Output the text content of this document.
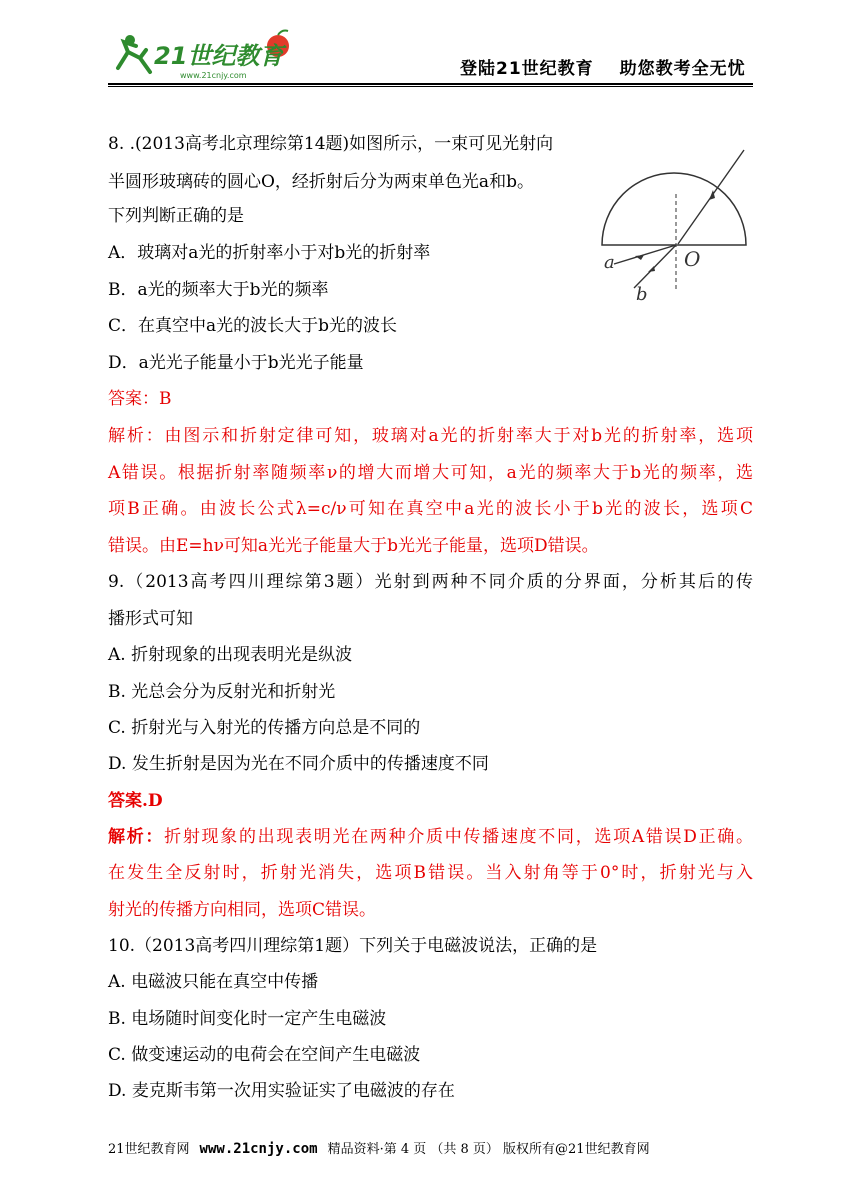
21世纪教育
www.21cnjy.com	登陆21世纪教育 助您教考全无忧
8. .(2013高考北京理综第14题)如图所示，一束可见光射向
半圆形玻璃砖的圆心O，经折射后分为两束单色光a和b。
下列判断正确的是
A．玻璃对a光的折射率小于对b光的折射率
B．a光的频率大于b光的频率
C．在真空中a光的波长大于b光的波长
D．a光光子能量小于b光光子能量
a
b
O
答案：B
解析：由图示和折射定律可知，玻璃对a光的折射率大于对b光的折射率，选项
A错误。根据折射率随频率ν的增大而增大可知，a光的频率大于b光的频率，选
项B正确。由波长公式λ=c/ν可知在真空中a光的波长小于b光的波长，选项C
错误。由E=hν可知a光光子能量大于b光光子能量，选项D错误。
9.（2013高考四川理综第3题）光射到两种不同介质的分界面，分析其后的传
播形式可知
A. 折射现象的出现表明光是纵波
B. 光总会分为反射光和折射光
C. 折射光与入射光的传播方向总是不同的
D. 发生折射是因为光在不同介质中的传播速度不同
答案.D
解析：折射现象的出现表明光在两种介质中传播速度不同，选项A错误D正确。
在发生全反射时，折射光消失，选项B错误。当入射角等于0°时，折射光与入
射光的传播方向相同，选项C错误。
10.（2013高考四川理综第1题）下列关于电磁波说法，正确的是
A. 电磁波只能在真空中传播
B. 电场随时间变化时一定产生电磁波
C. 做变速运动的电荷会在空间产生电磁波
D. 麦克斯韦第一次用实验证实了电磁波的存在
21世纪教育网 www.21cnjy.com 精品资料·第 4 页 （共 8 页） 版权所有@21世纪教育网
